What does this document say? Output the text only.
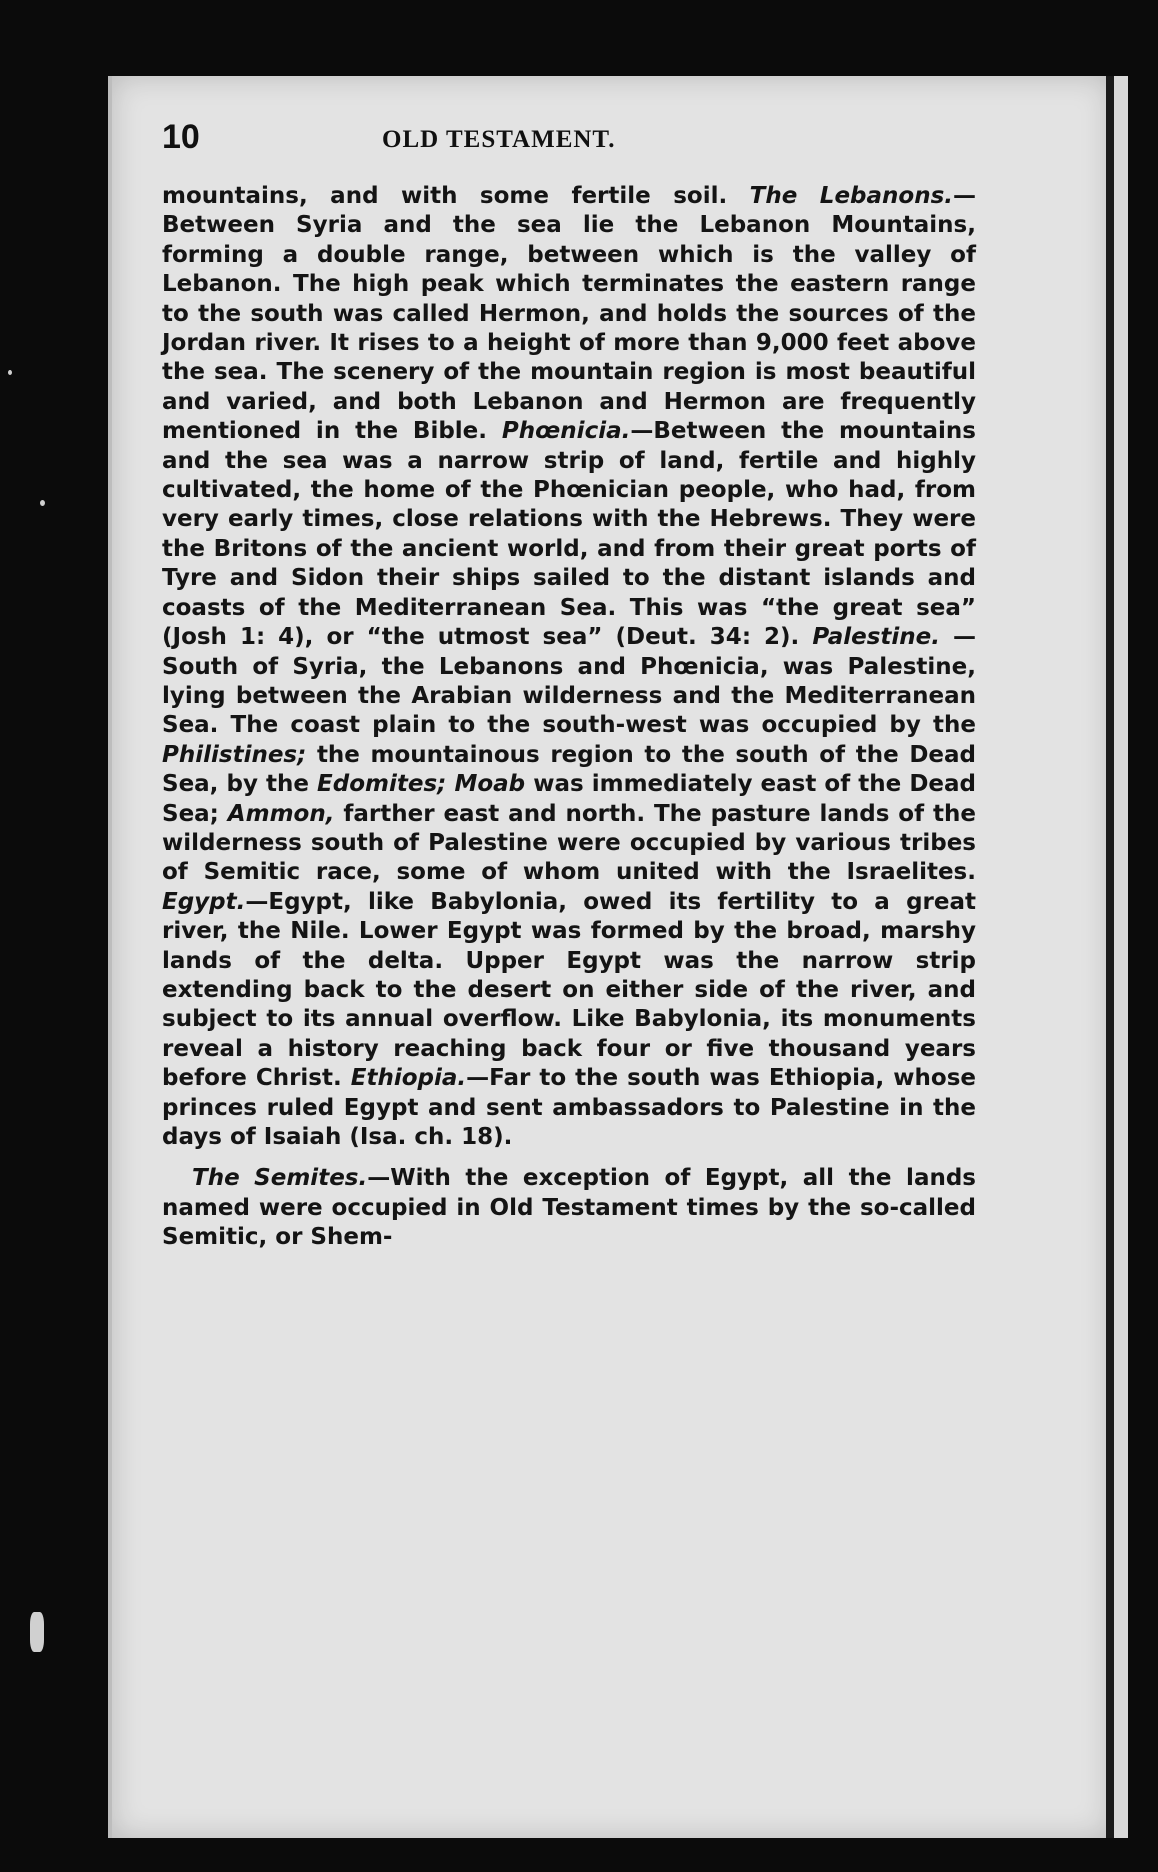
10	OLD TESTAMENT.

mountains, and with some fertile soil. The Lebanons.—Between Syria and the sea lie the Lebanon Mountains, forming a double range, between which is the valley of Lebanon. The high peak which terminates the eastern range to the south was called Hermon, and holds the sources of the Jordan river. It rises to a height of more than 9,000 feet above the sea. The scenery of the mountain region is most beautiful and varied, and both Lebanon and Hermon are frequently mentioned in the Bible. Phœnicia.—Between the mountains and the sea was a narrow strip of land, fertile and highly cultivated, the home of the Phœnician people, who had, from very early times, close relations with the Hebrews. They were the Britons of the ancient world, and from their great ports of Tyre and Sidon their ships sailed to the distant islands and coasts of the Mediterranean Sea. This was “the great sea” (Josh 1: 4), or “the utmost sea” (Deut. 34: 2). Palestine. —South of Syria, the Lebanons and Phœnicia, was Palestine, lying between the Arabian wilderness and the Mediterranean Sea. The coast plain to the south-west was occupied by the Philistines; the mountainous region to the south of the Dead Sea, by the Edomites; Moab was immediately east of the Dead Sea; Ammon, farther east and north. The pasture lands of the wilderness south of Palestine were occupied by various tribes of Semitic race, some of whom united with the Israelites. Egypt.—Egypt, like Babylonia, owed its fertility to a great river, the Nile. Lower Egypt was formed by the broad, marshy lands of the delta. Upper Egypt was the narrow strip extending back to the desert on either side of the river, and subject to its annual overflow. Like Babylonia, its monuments reveal a history reaching back four or five thousand years before Christ. Ethiopia.—Far to the south was Ethiopia, whose princes ruled Egypt and sent ambassadors to Palestine in the days of Isaiah (Isa. ch. 18).

The Semites.—With the exception of Egypt, all the lands named were occupied in Old Testament times by the so-called Semitic, or Shem-
